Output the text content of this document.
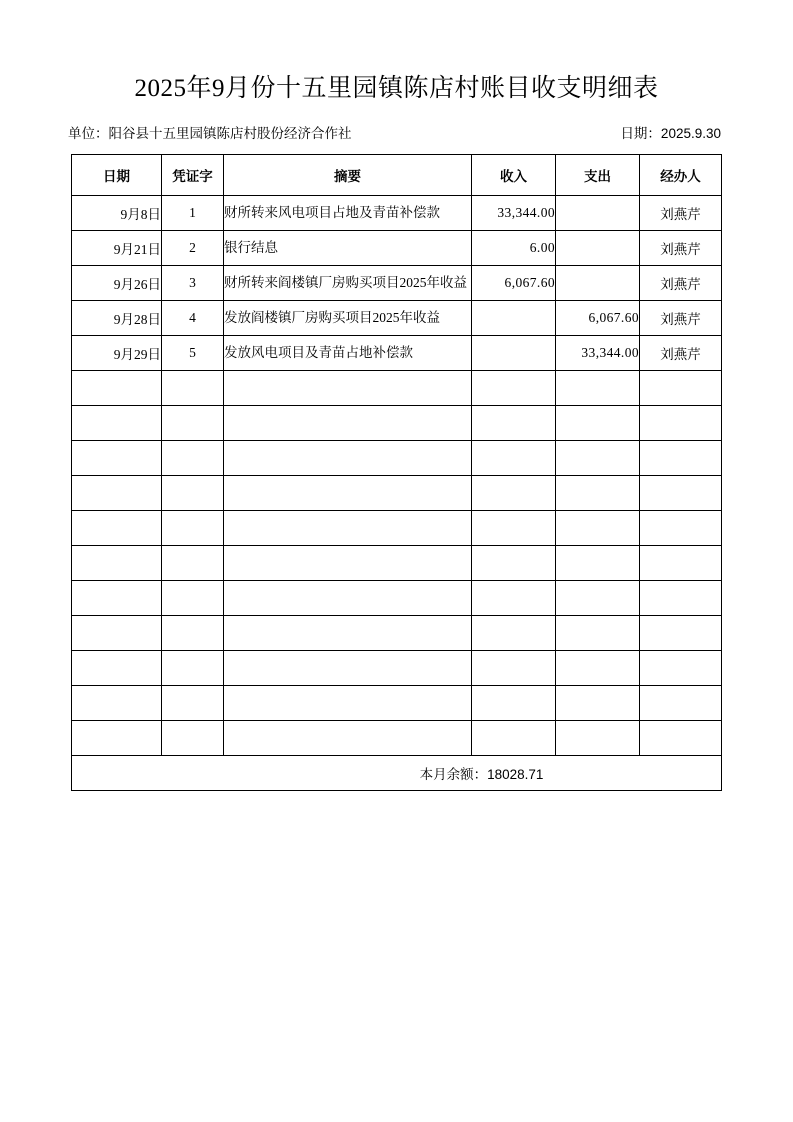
2025年9月份十五里园镇陈店村账目收支明细表
单位：阳谷县十五里园镇陈店村股份经济合作社	日期：2025.9.30
日期	凭证字	摘要	收入	支出	经办人
9月8日	1	财所转来风电项目占地及青苗补偿款	33,344.00		刘燕芹
9月21日	2	银行结息	6.00		刘燕芹
9月26日	3	财所转来阎楼镇厂房购买项目2025年收益	6,067.60		刘燕芹
9月28日	4	发放阎楼镇厂房购买项目2025年收益		6,067.60	刘燕芹
9月29日	5	发放风电项目及青苗占地补偿款		33,344.00	刘燕芹

本月余额：18028.71					
